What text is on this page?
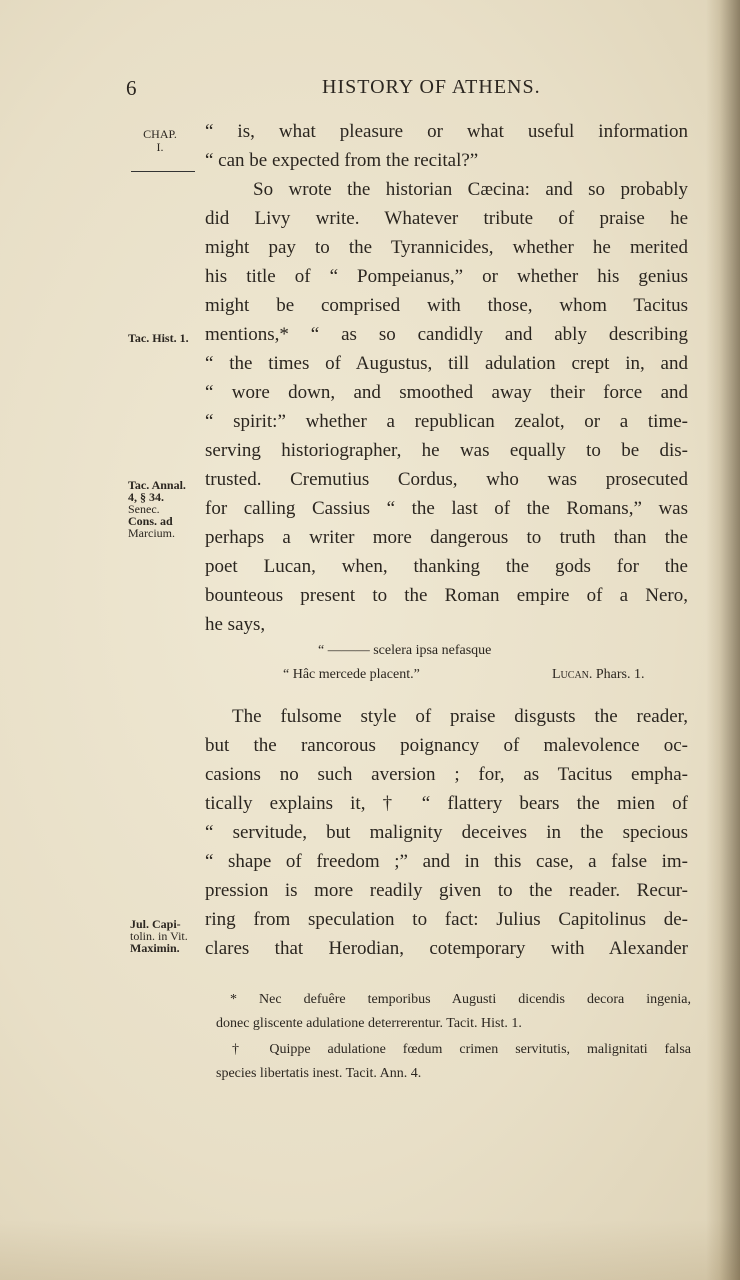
6	HISTORY OF ATHENS.
CHAP.
I.
Tac. Hist. 1.
Tac. Annal.
4, § 34.
Senec.
Cons. ad
Marcium.
Jul. Capi-
tolin. in Vit.
Maximin.
“ is, what pleasure or what useful information
“ can be expected from the recital?”
So wrote the historian Cæcina: and so probably
did Livy write. Whatever tribute of praise he
might pay to the Tyrannicides, whether he merited
his title of “ Pompeianus,” or whether his genius
might be comprised with those, whom Tacitus
mentions,* “ as so candidly and ably describing
“ the times of Augustus, till adulation crept in, and
“ wore down, and smoothed away their force and
“ spirit:” whether a republican zealot, or a time-
serving historiographer, he was equally to be dis-
trusted. Cremutius Cordus, who was prosecuted
for calling Cassius “ the last of the Romans,” was
perhaps a writer more dangerous to truth than the
poet Lucan, when, thanking the gods for the
bounteous present to the Roman empire of a Nero,
he says,
“ ——— scelera ipsa nefasque
“ Hâc mercede placent.”	Lucan. Phars. 1.
The fulsome style of praise disgusts the reader,
but the rancorous poignancy of malevolence oc-
casions no such aversion ; for, as Tacitus empha-
tically explains it, † “ flattery bears the mien of
“ servitude, but malignity deceives in the specious
“ shape of freedom ;” and in this case, a false im-
pression is more readily given to the reader. Recur-
ring from speculation to fact: Julius Capitolinus de-
clares that Herodian, cotemporary with Alexander
* Nec defuêre temporibus Augusti dicendis decora ingenia,
donec gliscente adulatione deterrerentur. Tacit. Hist. 1.
† Quippe adulatione fœdum crimen servitutis, malignitati falsa
species libertatis inest. Tacit. Ann. 4.
